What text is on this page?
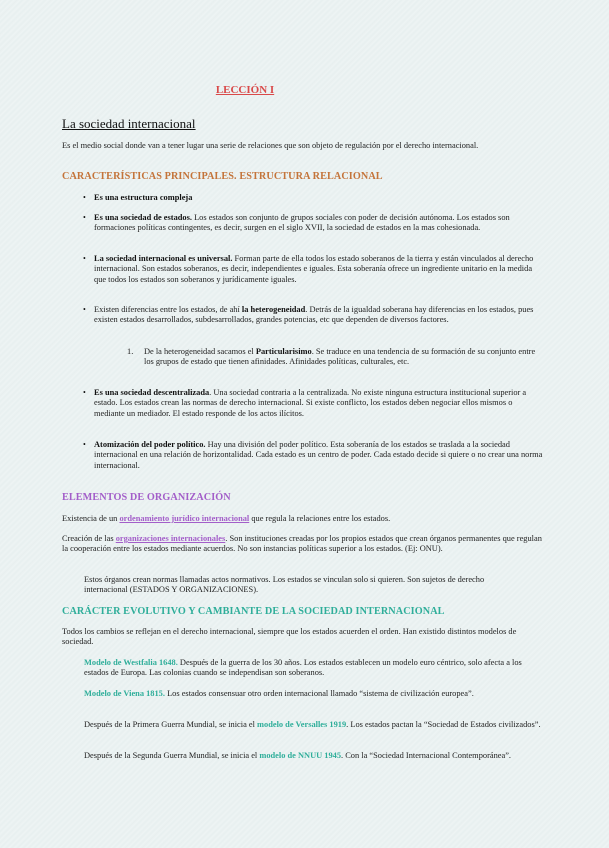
LECCIÓN I
La sociedad internacional
Es el medio social donde van a tener lugar una serie de relaciones que son objeto de regulación por el derecho internacional.
CARACTERÍSTICAS PRINCIPALES. ESTRUCTURA RELACIONAL
• Es una estructura compleja
• Es una sociedad de estados. Los estados son conjunto de grupos sociales con poder de decisión autónoma. Los estados son formaciones políticas contingentes, es decir, surgen en el siglo XVII, la sociedad de estados en la mas cohesionada.
• La sociedad internacional es universal. Forman parte de ella todos los estado soberanos de la tierra y están vinculados al derecho internacional. Son estados soberanos, es decir, independientes e iguales. Esta soberanía ofrece un ingrediente unitario en la medida que todos los estados son soberanos y jurídicamente iguales.
• Existen diferencias entre los estados, de ahí la heterogeneidad. Detrás de la igualdad soberana hay diferencias en los estados, pues existen estados desarrollados, subdesarrollados, grandes potencias, etc que dependen de diversos factores.
1. De la heterogeneidad sacamos el Particularisimo. Se traduce en una tendencia de su formación de su conjunto entre los grupos de estado que tienen afinidades. Afinidades políticas, culturales, etc.
• Es una sociedad descentralizada. Una sociedad contraria a la centralizada. No existe ninguna estructura institucional superior a estado. Los estados crean las normas de derecho internacional. Si existe conflicto, los estados deben negociar ellos mismos o mediante un mediador. El estado responde de los actos ilícitos.
• Atomización del poder político. Hay una división del poder político. Esta soberanía de los estados se traslada a la sociedad internacional en una relación de horizontalidad. Cada estado es un centro de poder. Cada estado decide si quiere o no crear una norma internacional.
ELEMENTOS DE ORGANIZACIÓN
Existencia de un ordenamiento jurídico internacional que regula la relaciones entre los estados.
Creación de las organizaciones internacionales. Son instituciones creadas por los propios estados que crean órganos permanentes que regulan la cooperación entre los estados mediante acuerdos. No son instancias políticas superior a los estados. (Ej: ONU).
Estos órganos crean normas llamadas actos normativos. Los estados se vinculan solo si quieren. Son sujetos de derecho internacional (ESTADOS Y ORGANIZACIONES).
CARÁCTER EVOLUTIVO Y CAMBIANTE DE LA SOCIEDAD INTERNACIONAL
Todos los cambios se reflejan en el derecho internacional, siempre que los estados acuerden el orden. Han existido distintos modelos de sociedad.
Modelo de Westfalia 1648. Después de la guerra de los 30 años. Los estados establecen un modelo euro céntrico, solo afecta a los estados de Europa. Las colonias cuando se independisan son soberanos.
Modelo de Viena 1815. Los estados consensuar otro orden internacional llamado “sistema de civilización europea”.
Después de la Primera Guerra Mundial, se inicia el modelo de Versalles 1919. Los estados pactan la “Sociedad de Estados civilizados”.
Después de la Segunda Guerra Mundial, se inicia el modelo de NNUU 1945. Con la “Sociedad Internacional Contemporánea”.
